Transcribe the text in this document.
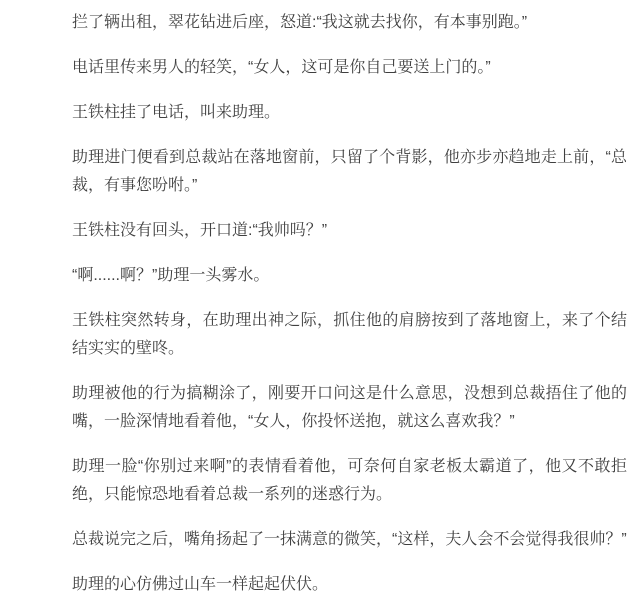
拦了辆出租，翠花钻进后座，怒道:“我这就去找你，有本事别跑。”

电话里传来男人的轻笑，“女人，这可是你自己要送上门的。”

王铁柱挂了电话，叫来助理。

助理进门便看到总裁站在落地窗前，只留了个背影，他亦步亦趋地走上前，“总裁，有事您吩咐。”

王铁柱没有回头，开口道:“我帅吗？”

“啊......啊？”助理一头雾水。

王铁柱突然转身，在助理出神之际，抓住他的肩膀按到了落地窗上，来了个结结实实的壁咚。

助理被他的行为搞糊涂了，刚要开口问这是什么意思，没想到总裁捂住了他的嘴，一脸深情地看着他，“女人，你投怀送抱，就这么喜欢我？”

助理一脸“你别过来啊”的表情看着他，可奈何自家老板太霸道了，他又不敢拒绝，只能惊恐地看着总裁一系列的迷惑行为。

总裁说完之后，嘴角扬起了一抹满意的微笑，“这样，夫人会不会觉得我很帅？”

助理的心仿佛过山车一样起起伏伏。
